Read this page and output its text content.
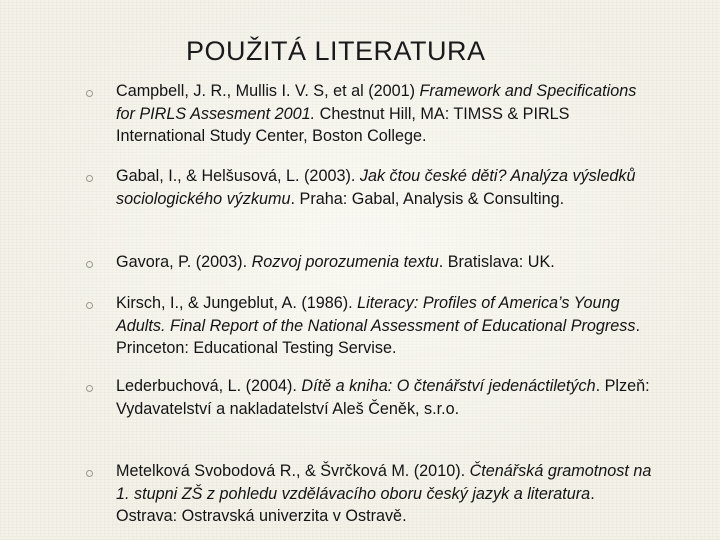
POUŽITÁ LITERATURA
Campbell, J. R., Mullis I. V. S, et al (2001) Framework and Specifications for PIRLS Assesment 2001. Chestnut Hill, MA: TIMSS & PIRLS International Study Center, Boston College.
Gabal, I., & Helšusová, L. (2003). Jak čtou české děti? Analýza výsledků sociologického výzkumu. Praha: Gabal, Analysis & Consulting.
Gavora, P. (2003). Rozvoj porozumenia textu. Bratislava: UK.
Kirsch, I., & Jungeblut, A. (1986). Literacy: Profiles of America’s Young Adults. Final Report of the National Assessment of Educational Progress. Princeton: Educational Testing Servise.
Lederbuchová, L. (2004). Dítě a kniha: O čtenářství jedenáctiletých. Plzeň: Vydavatelství a nakladatelství Aleš Čeněk, s.r.o.
Metelková Svobodová R., & Švrčková M. (2010). Čtenářská gramotnost na 1. stupni ZŠ z pohledu vzdělávacího oboru český jazyk a literatura. Ostrava: Ostravská univerzita v Ostravě.
